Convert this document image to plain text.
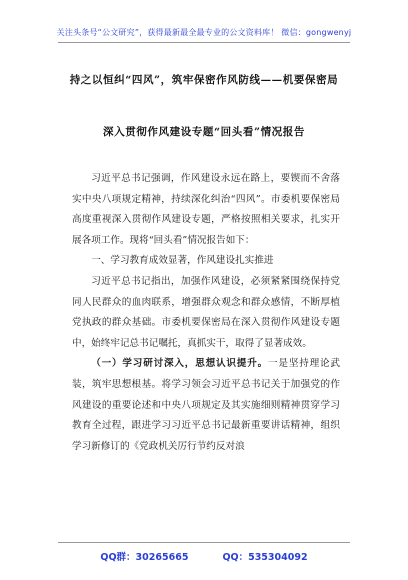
关注头条号“公文研究”，获得最新最全最专业的公文资料库！ 微信：gongwenyj
持之以恒纠“四风”，筑牢保密作风防线——机要保密局
深入贯彻作风建设专题“回头看”情况报告

习近平总书记强调，作风建设永远在路上，要锲而不舍落实中央八项规定精神，持续深化纠治“四风”。市委机要保密局高度重视深入贯彻作风建设专题，严格按照相关要求，扎实开展各项工作。现将“回头看”情况报告如下：

一、学习教育成效显著，作风建设扎实推进

习近平总书记指出，加强作风建设，必须紧紧围绕保持党同人民群众的血肉联系，增强群众观念和群众感情，不断厚植党执政的群众基础。市委机要保密局在深入贯彻作风建设专题中，始终牢记总书记嘱托，真抓实干，取得了显著成效。

（一）学习研讨深入，思想认识提升。一是坚持理论武装，筑牢思想根基。将学习领会习近平总书记关于加强党的作风建设的重要论述和中央八项规定及其实施细则精神贯穿学习教育全过程，跟进学习习近平总书记最新重要讲话精神，组织学习新修订的《党政机关厉行节约反对浪

QQ群：30265665	QQ：535304092
